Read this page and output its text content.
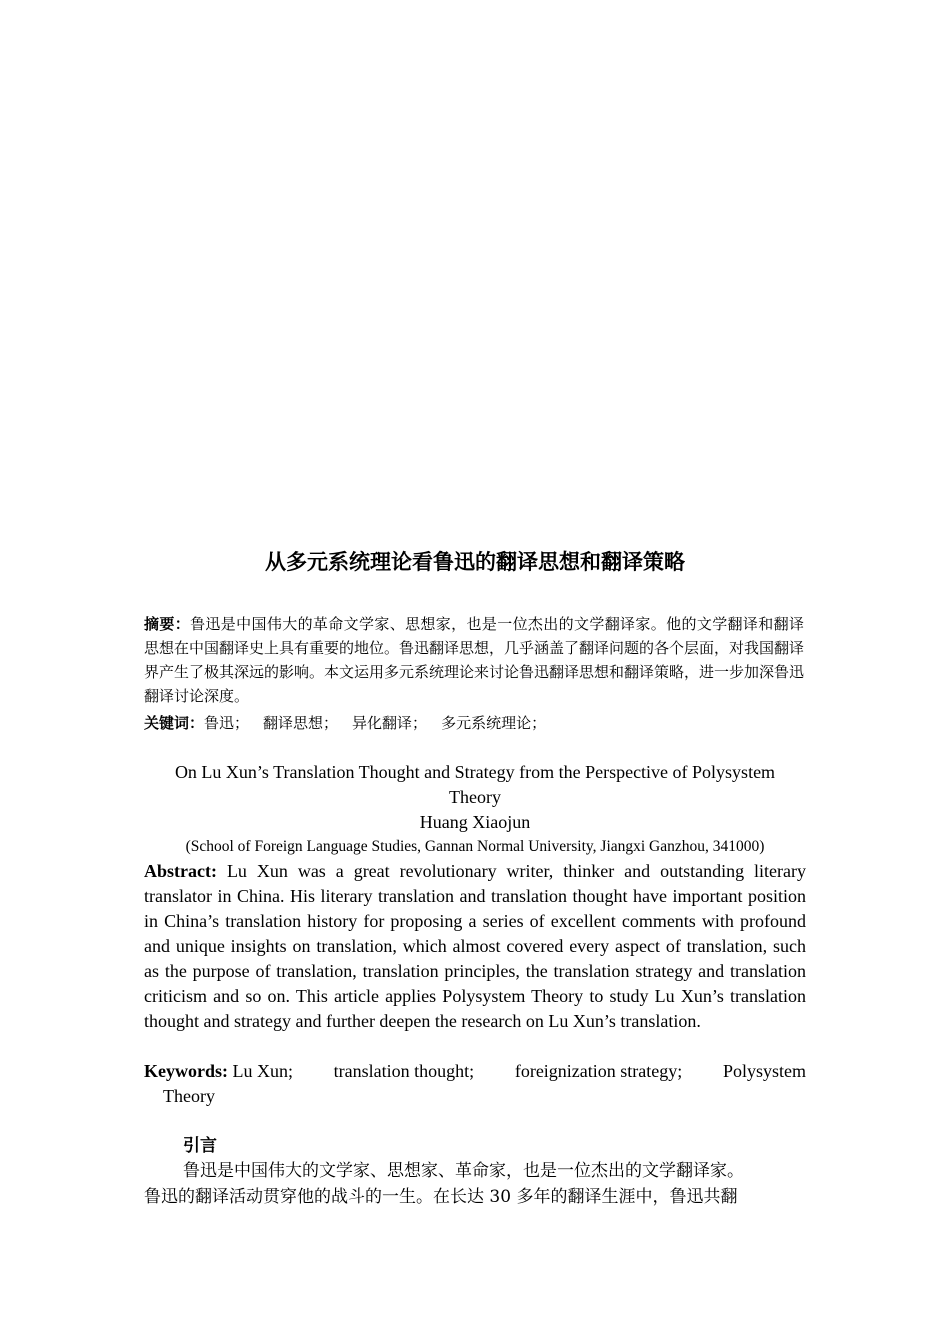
从多元系统理论看鲁迅的翻译思想和翻译策略

摘要：鲁迅是中国伟大的革命文学家、思想家，也是一位杰出的文学翻译家。他的文学翻译和翻译思想在中国翻译史上具有重要的地位。鲁迅翻译思想，几乎涵盖了翻译问题的各个层面，对我国翻译界产生了极其深远的影响。本文运用多元系统理论来讨论鲁迅翻译思想和翻译策略，进一步加深鲁迅翻译讨论深度。

关键词：鲁迅； 翻译思想； 异化翻译； 多元系统理论；

On Lu Xun’s Translation Thought and Strategy from the Perspective of Polysystem
Theory

Huang Xiaojun

(School of Foreign Language Studies, Gannan Normal University, Jiangxi Ganzhou, 341000)

Abstract: Lu Xun was a great revolutionary writer, thinker and outstanding literary translator in China. His literary translation and translation thought have important position in China’s translation history for proposing a series of excellent comments with profound and unique insights on translation, which almost covered every aspect of translation, such as the purpose of translation, translation principles, the translation strategy and translation criticism and so on. This article applies Polysystem Theory to study Lu Xun’s translation thought and strategy and further deepen the research on Lu Xun’s translation.

Keywords: Lu Xun; translation thought; foreignization strategy; Polysystem
Theory
引言

鲁迅是中国伟大的文学家、思想家、革命家，也是一位杰出的文学翻译家。
鲁迅的翻译活动贯穿他的战斗的一生。在长达 30 多年的翻译生涯中，鲁迅共翻
